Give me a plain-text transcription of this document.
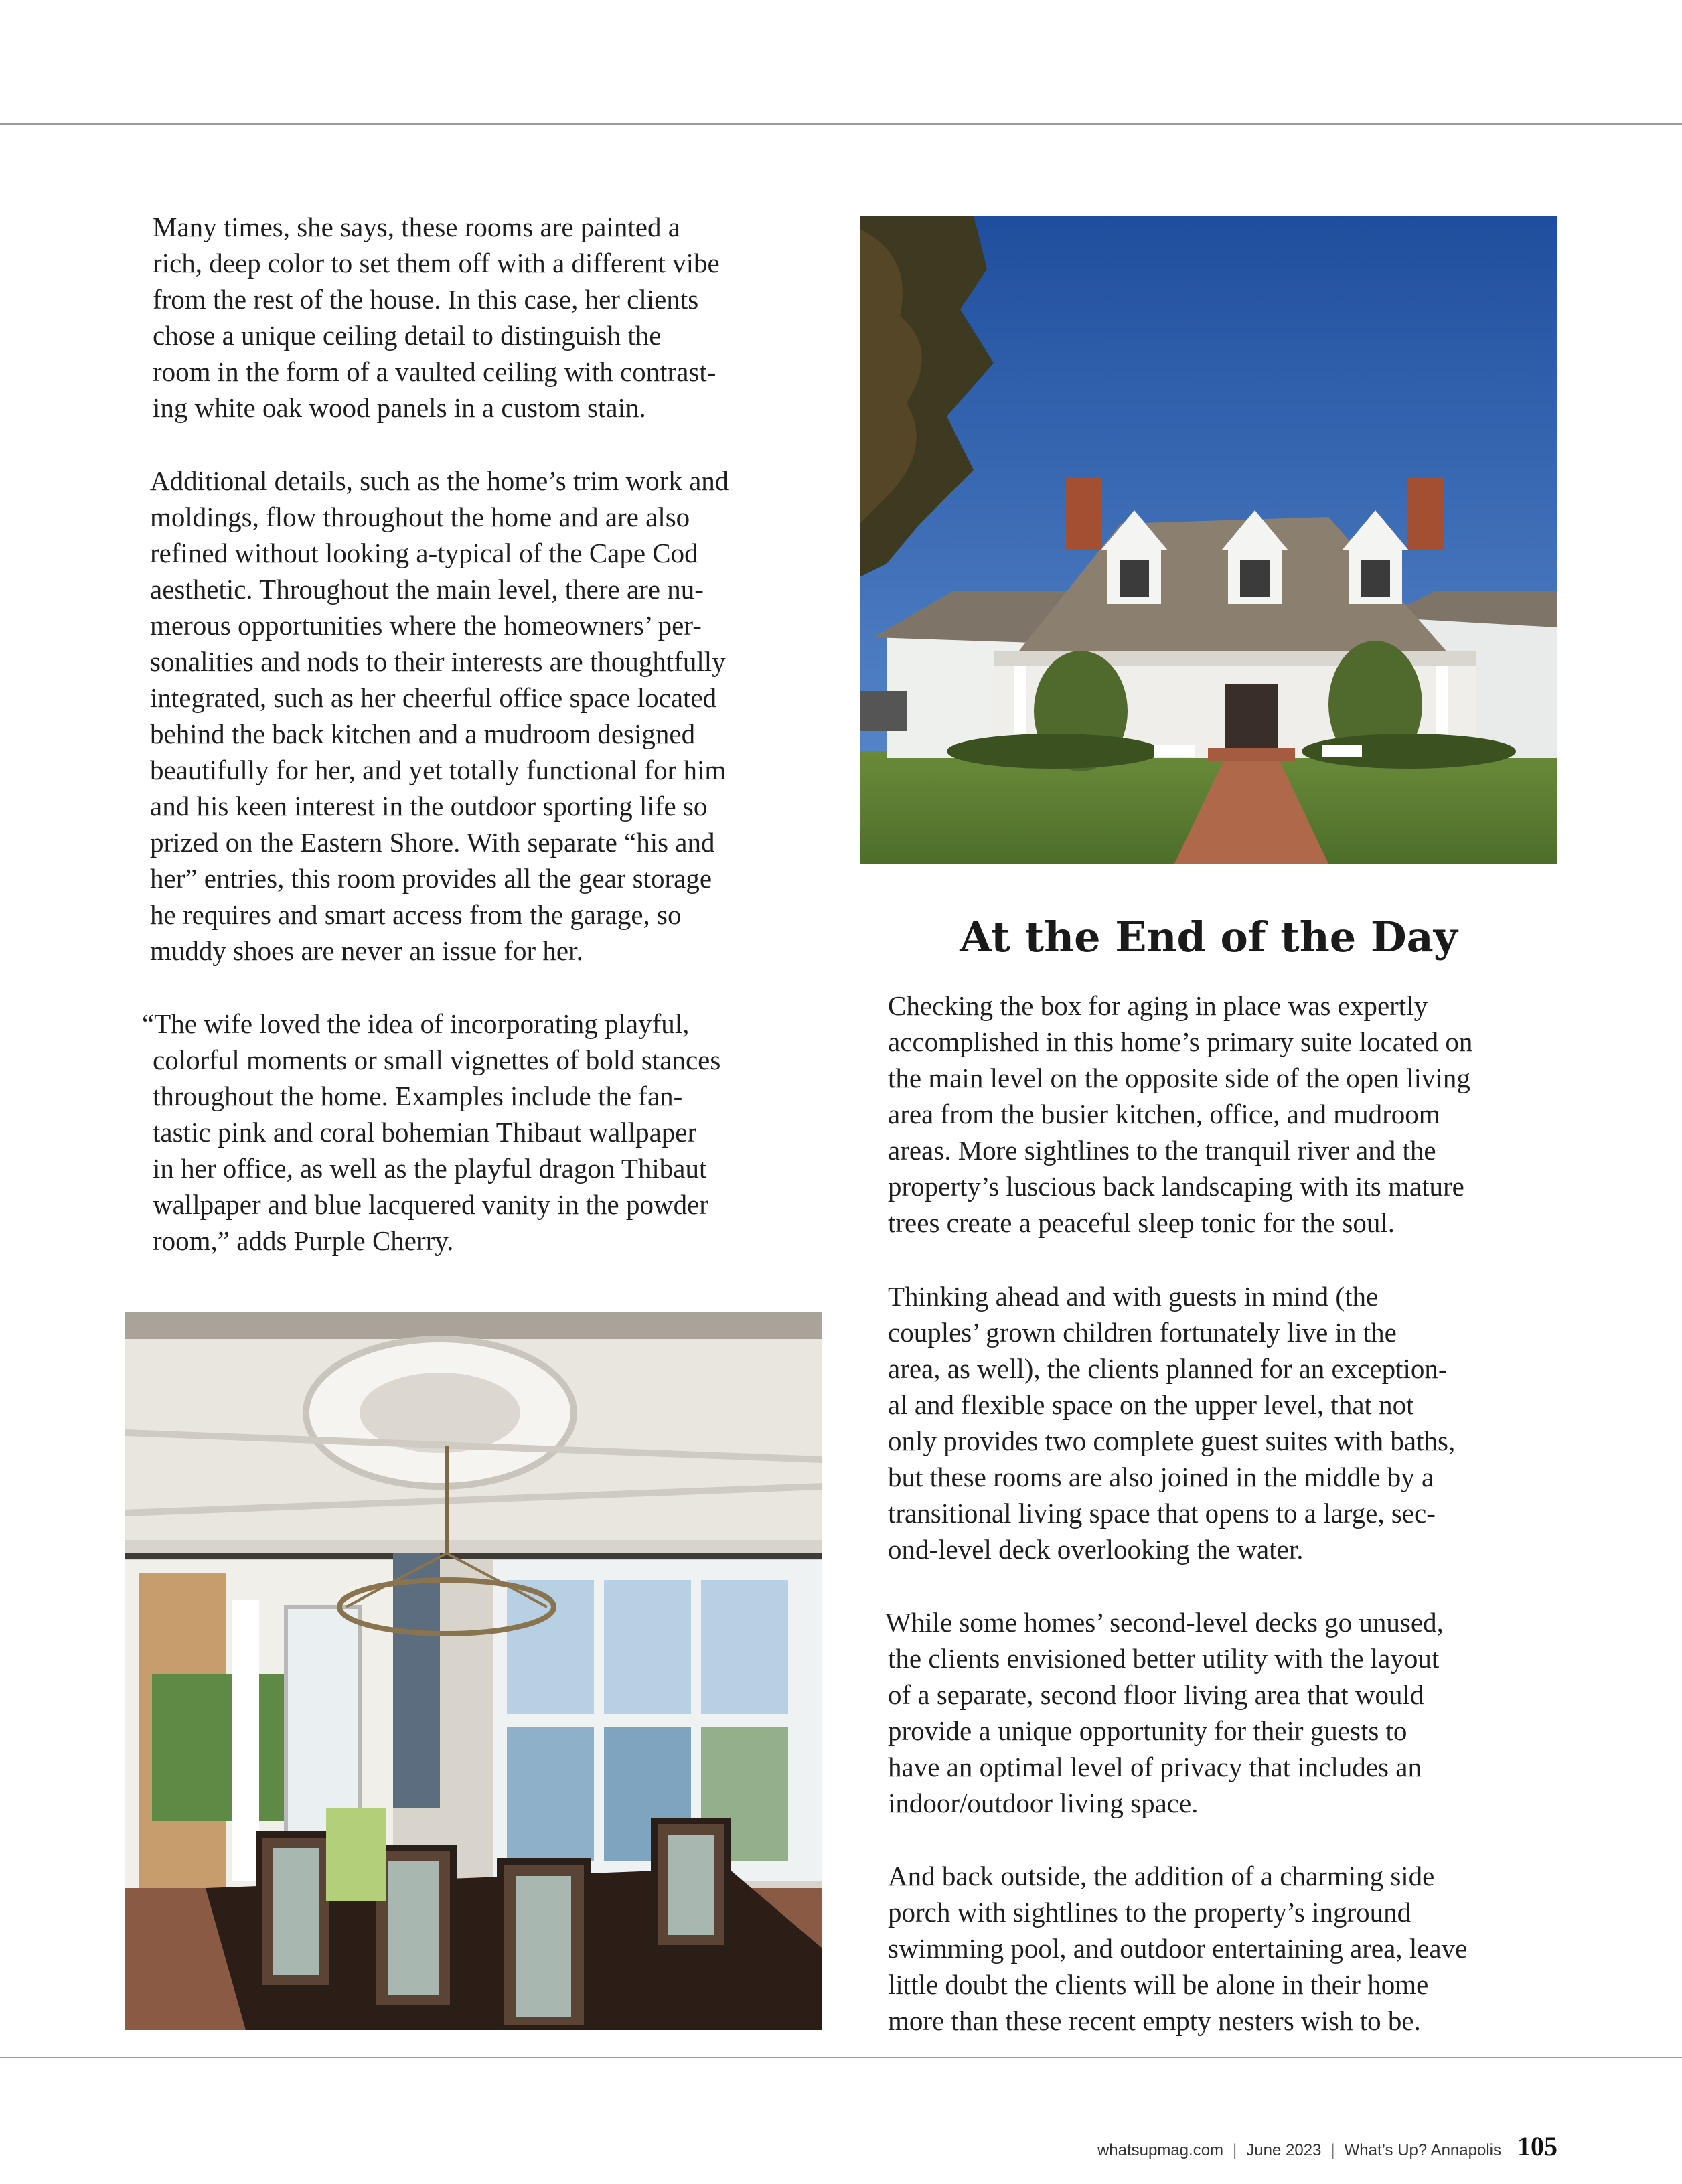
Many times, she says, these rooms are painted a
rich, deep color to set them off with a different vibe
from the rest of the house. In this case, her clients
chose a unique ceiling detail to distinguish the
room in the form of a vaulted ceiling with contrast-
ing white oak wood panels in a custom stain.

Additional details, such as the home’s trim work and
moldings, flow throughout the home and are also
refined without looking a-typical of the Cape Cod
aesthetic. Throughout the main level, there are nu-
merous opportunities where the homeowners’ per-
sonalities and nods to their interests are thoughtfully
integrated, such as her cheerful office space located
behind the back kitchen and a mudroom designed
beautifully for her, and yet totally functional for him
and his keen interest in the outdoor sporting life so
prized on the Eastern Shore. With separate “his and
her” entries, this room provides all the gear storage
he requires and smart access from the garage, so
muddy shoes are never an issue for her.

“The wife loved the idea of incorporating playful,
colorful moments or small vignettes of bold stances
throughout the home. Examples include the fan-
tastic pink and coral bohemian Thibaut wallpaper
in her office, as well as the playful dragon Thibaut
wallpaper and blue lacquered vanity in the powder
room,” adds Purple Cherry.

At the End of the Day

Checking the box for aging in place was expertly
accomplished in this home’s primary suite located on
the main level on the opposite side of the open living
area from the busier kitchen, office, and mudroom
areas. More sightlines to the tranquil river and the
property’s luscious back landscaping with its mature
trees create a peaceful sleep tonic for the soul.

Thinking ahead and with guests in mind (the
couples’ grown children fortunately live in the
area, as well), the clients planned for an exception-
al and flexible space on the upper level, that not
only provides two complete guest suites with baths,
but these rooms are also joined in the middle by a
transitional living space that opens to a large, sec-
ond-level deck overlooking the water.

While some homes’ second-level decks go unused,
the clients envisioned better utility with the layout
of a separate, second floor living area that would
provide a unique opportunity for their guests to
have an optimal level of privacy that includes an
indoor/outdoor living space.

And back outside, the addition of a charming side
porch with sightlines to the property’s inground
swimming pool, and outdoor entertaining area, leave
little doubt the clients will be alone in their home
more than these recent empty nesters wish to be.

whatsupmag.com | June 2023 | What’s Up? Annapolis 105
